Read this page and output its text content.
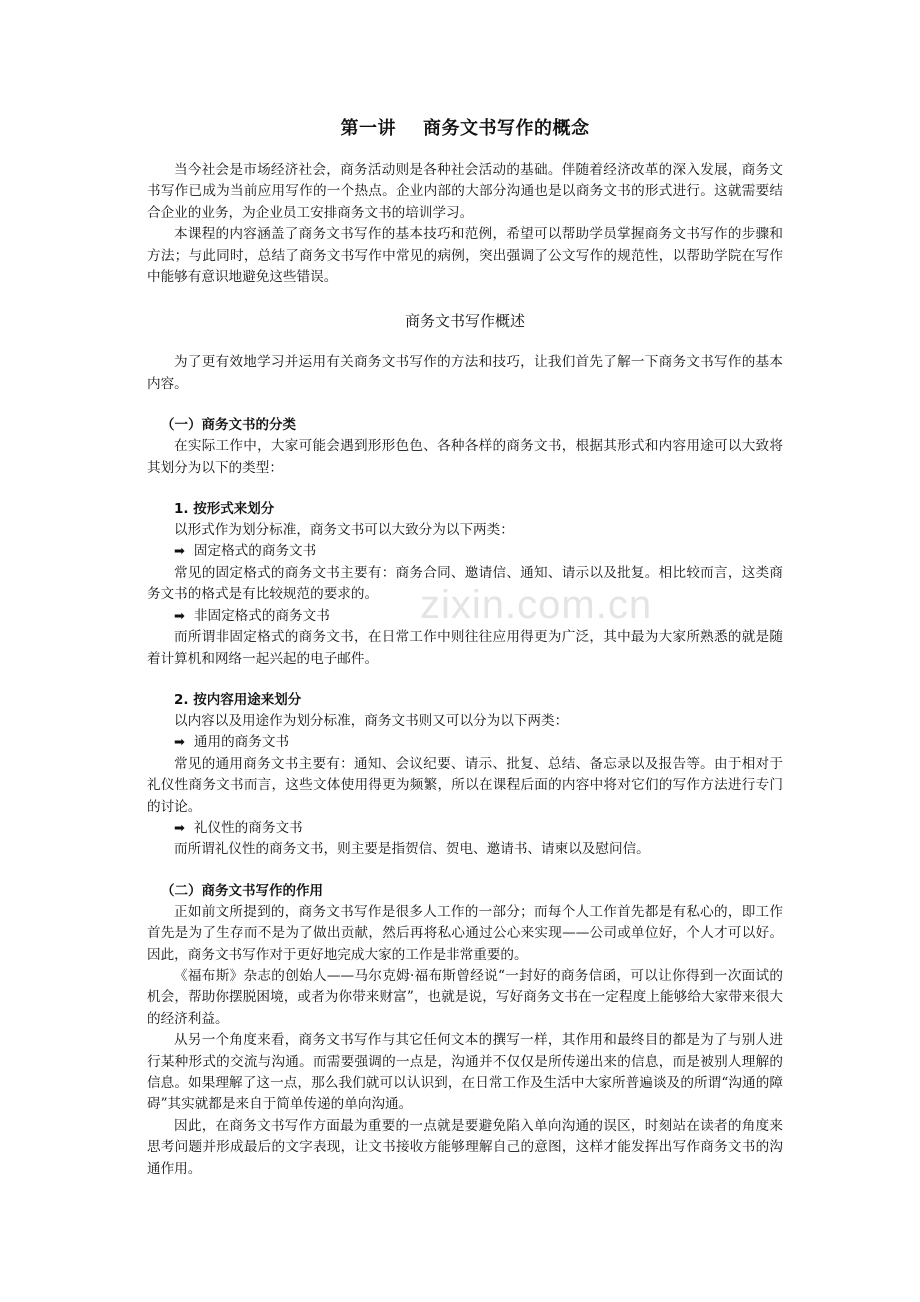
第一讲    商务文书写作的概念

当今社会是市场经济社会，商务活动则是各种社会活动的基础。伴随着经济改革的深入发展，商务文书写作已成为当前应用写作的一个热点。企业内部的大部分沟通也是以商务文书的形式进行。这就需要结合企业的业务，为企业员工安排商务文书的培训学习。

本课程的内容涵盖了商务文书写作的基本技巧和范例，希望可以帮助学员掌握商务文书写作的步骤和方法；与此同时，总结了商务文书写作中常见的病例，突出强调了公文写作的规范性，以帮助学院在写作中能够有意识地避免这些错误。

商务文书写作概述

为了更有效地学习并运用有关商务文书写作的方法和技巧，让我们首先了解一下商务文书写作的基本内容。

（一）商务文书的分类

在实际工作中，大家可能会遇到形形色色、各种各样的商务文书，根据其形式和内容用途可以大致将其划分为以下的类型：

1. 按形式来划分

以形式作为划分标准，商务文书可以大致分为以下两类：

➡ 固定格式的商务文书

常见的固定格式的商务文书主要有：商务合同、邀请信、通知、请示以及批复。相比较而言，这类商务文书的格式是有比较规范的要求的。

➡ 非固定格式的商务文书

而所谓非固定格式的商务文书，在日常工作中则往往应用得更为广泛，其中最为大家所熟悉的就是随着计算机和网络一起兴起的电子邮件。

2. 按内容用途来划分

以内容以及用途作为划分标准，商务文书则又可以分为以下两类：

➡ 通用的商务文书

常见的通用商务文书主要有：通知、会议纪要、请示、批复、总结、备忘录以及报告等。由于相对于礼仪性商务文书而言，这些文体使用得更为频繁，所以在课程后面的内容中将对它们的写作方法进行专门的讨论。

➡ 礼仪性的商务文书

而所谓礼仪性的商务文书，则主要是指贺信、贺电、邀请书、请柬以及慰问信。

（二）商务文书写作的作用

正如前文所提到的，商务文书写作是很多人工作的一部分；而每个人工作首先都是有私心的，即工作首先是为了生存而不是为了做出贡献，然后再将私心通过公心来实现——公司或单位好，个人才可以好。因此，商务文书写作对于更好地完成大家的工作是非常重要的。

《福布斯》杂志的创始人——马尔克姆·福布斯曾经说“一封好的商务信函，可以让你得到一次面试的机会，帮助你摆脱困境，或者为你带来财富”，也就是说，写好商务文书在一定程度上能够给大家带来很大的经济利益。

从另一个角度来看，商务文书写作与其它任何文本的撰写一样，其作用和最终目的都是为了与别人进行某种形式的交流与沟通。而需要强调的一点是，沟通并不仅仅是所传递出来的信息，而是被别人理解的信息。如果理解了这一点，那么我们就可以认识到，在日常工作及生活中大家所普遍谈及的所谓“沟通的障碍”其实就都是来自于简单传递的单向沟通。

因此，在商务文书写作方面最为重要的一点就是要避免陷入单向沟通的误区，时刻站在读者的角度来思考问题并形成最后的文字表现，让文书接收方能够理解自己的意图，这样才能发挥出写作商务文书的沟通作用。

zixin.com.cn
